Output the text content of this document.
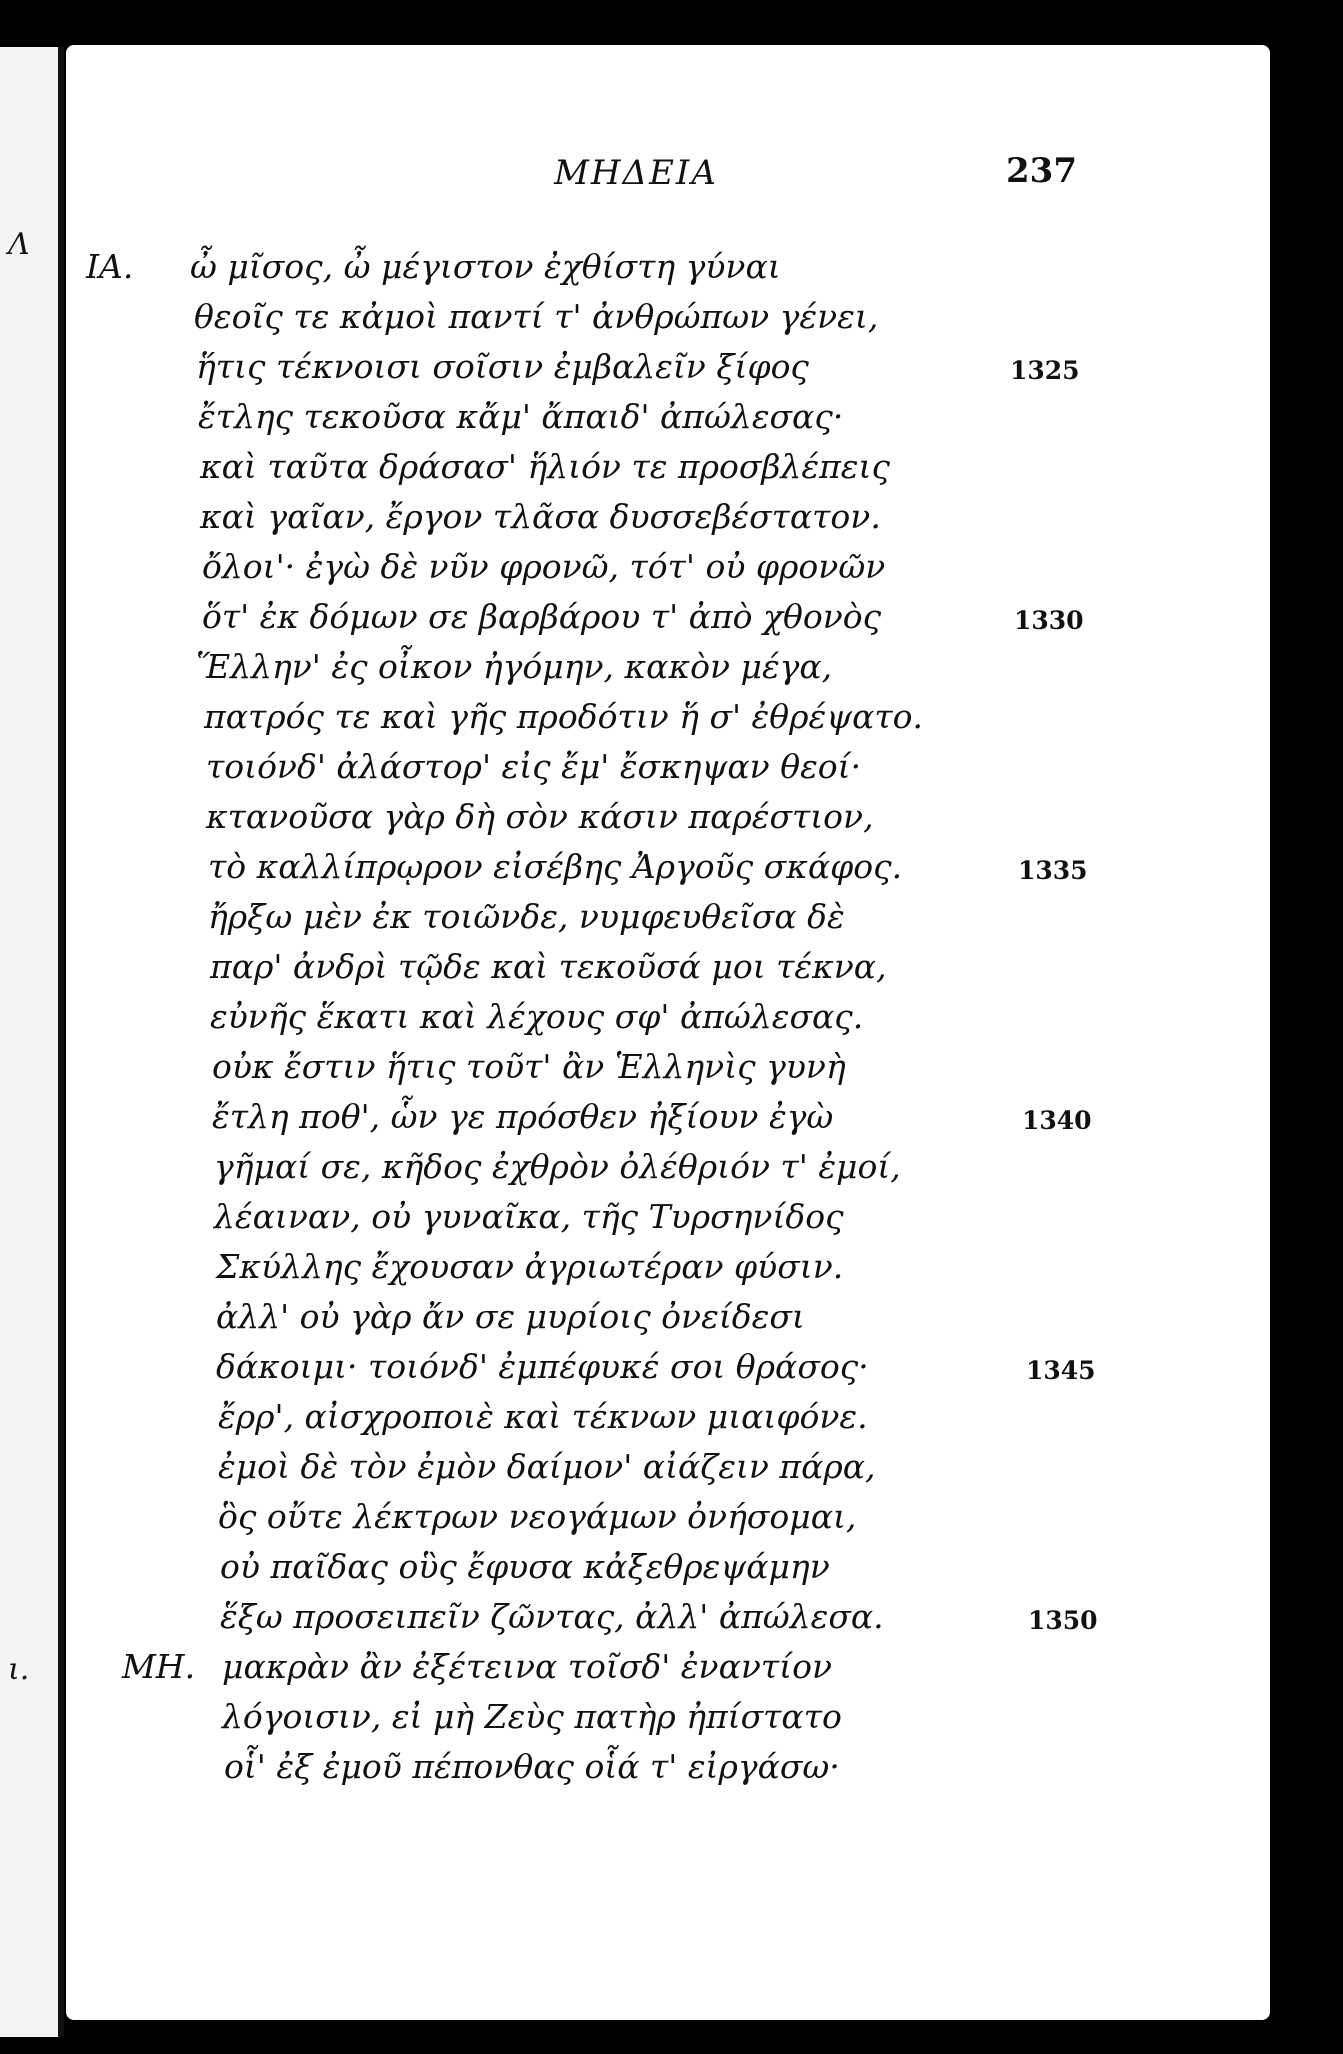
Λ
ι.
ΜΗΔΕΙΑ	237
ΙΑ.
ΜΗ.
ὦ μῖσος, ὦ μέγιστον ἐχθίστη γύναι
θεοῖς τε κἀμοὶ παντί τ' ἀνθρώπων γένει,
ἥτις τέκνοισι σοῖσιν ἐμβαλεῖν ξίφος
ἔτλης τεκοῦσα κἄμ' ἄπαιδ' ἀπώλεσας·
καὶ ταῦτα δράσασ' ἥλιόν τε προσβλέπεις
καὶ γαῖαν, ἔργον τλᾶσα δυσσεβέστατον.
ὄλοι'· ἐγὼ δὲ νῦν φρονῶ, τότ' οὐ φρονῶν
ὅτ' ἐκ δόμων σε βαρβάρου τ' ἀπὸ χθονὸς
Ἕλλην' ἐς οἶκον ἠγόμην, κακὸν μέγα,
πατρός τε καὶ γῆς προδότιν ἥ σ' ἐθρέψατο.
τοιόνδ' ἀλάστορ' εἰς ἔμ' ἔσκηψαν θεοί·
κτανοῦσα γὰρ δὴ σὸν κάσιν παρέστιον,
τὸ καλλίπρῳρον εἰσέβης Ἀργοῦς σκάφος.
ἤρξω μὲν ἐκ τοιῶνδε, νυμφευθεῖσα δὲ
παρ' ἀνδρὶ τῷδε καὶ τεκοῦσά μοι τέκνα,
εὐνῆς ἕκατι καὶ λέχους σφ' ἀπώλεσας.
οὐκ ἔστιν ἥτις τοῦτ' ἂν Ἑλληνὶς γυνὴ
ἔτλη ποθ', ὧν γε πρόσθεν ἠξίουν ἐγὼ
γῆμαί σε, κῆδος ἐχθρὸν ὀλέθριόν τ' ἐμοί,
λέαιναν, οὐ γυναῖκα, τῆς Τυρσηνίδος
Σκύλλης ἔχουσαν ἀγριωτέραν φύσιν.
ἀλλ' οὐ γὰρ ἄν σε μυρίοις ὀνείδεσι
δάκοιμι· τοιόνδ' ἐμπέφυκέ σοι θράσος·
ἔρρ', αἰσχροποιὲ καὶ τέκνων μιαιφόνε.
ἐμοὶ δὲ τὸν ἐμὸν δαίμον' αἰάζειν πάρα,
ὃς οὔτε λέκτρων νεογάμων ὀνήσομαι,
οὐ παῖδας οὓς ἔφυσα κἀξεθρεψάμην
ἕξω προσειπεῖν ζῶντας, ἀλλ' ἀπώλεσα.
μακρὰν ἂν ἐξέτεινα τοῖσδ' ἐναντίον
λόγοισιν, εἰ μὴ Ζεὺς πατὴρ ἠπίστατο
οἷ' ἐξ ἐμοῦ πέπονθας οἷά τ' εἰργάσω·
1325
1330
1335
1340
1345
1350
